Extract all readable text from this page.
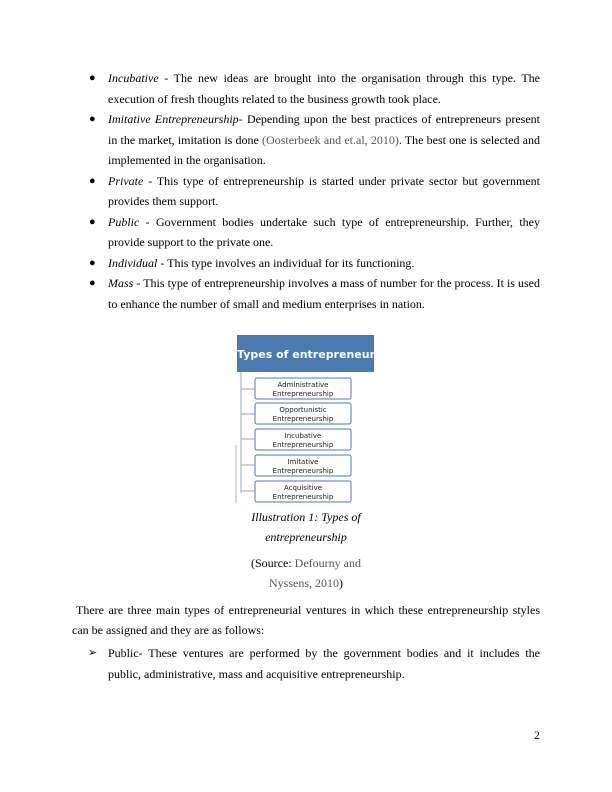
● Incubative - The new ideas are brought into the organisation through this type. The execution of fresh thoughts related to the business growth took place.
● Imitative Entrepreneurship- Depending upon the best practices of entrepreneurs present in the market, imitation is done (Oosterbeek and et.al, 2010). The best one is selected and implemented in the organisation.
● Private - This type of entrepreneurship is started under private sector but government provides them support.
● Public - Government bodies undertake such type of entrepreneurship. Further, they provide support to the private one.
● Individual - This type involves an individual for its functioning.
● Mass - This type of entrepreneurship involves a mass of number for the process. It is used to enhance the number of small and medium enterprises in nation.
Types of entrepreneurship
Administrative
Entrepreneurship
Opportunistic
Entrepreneurship
Incubative
Entrepreneurship
Imitative
Entrepreneurship
Acquisitive
Entrepreneurship
Illustration 1: Types of
entrepreneurship
(Source: Defourny and
Nyssens, 2010)

There are three main types of entrepreneurial ventures in which these entrepreneurship styles can be assigned and they are as follows:

➢ Public- These ventures are performed by the government bodies and it includes the public, administrative, mass and acquisitive entrepreneurship.
2
